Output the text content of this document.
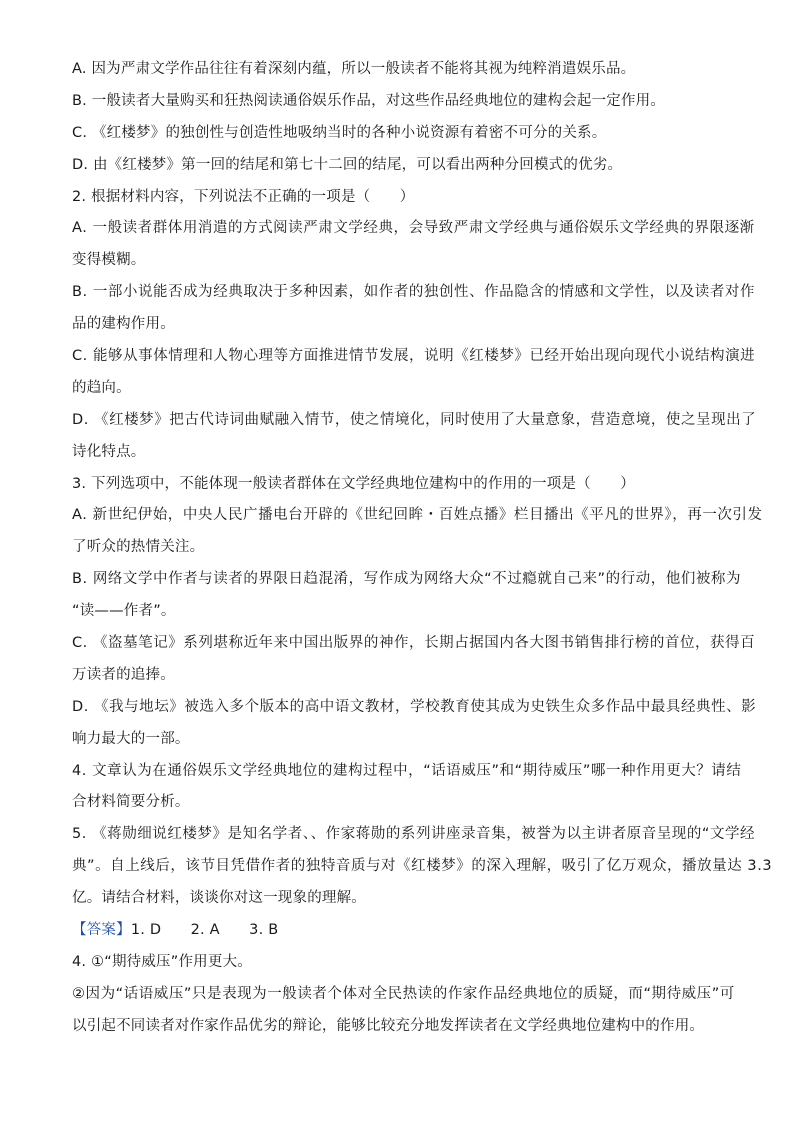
A. 因为严肃文学作品往往有着深刻内蕴，所以一般读者不能将其视为纯粹消遣娱乐品。
B. 一般读者大量购买和狂热阅读通俗娱乐作品，对这些作品经典地位的建构会起一定作用。
C. 《红楼梦》的独创性与创造性地吸纳当时的各种小说资源有着密不可分的关系。
D. 由《红楼梦》第一回的结尾和第七十二回的结尾，可以看出两种分回模式的优劣。
2. 根据材料内容，下列说法不正确的一项是（　　）
A. 一般读者群体用消遣的方式阅读严肃文学经典，会导致严肃文学经典与通俗娱乐文学经典的界限逐渐
变得模糊。
B. 一部小说能否成为经典取决于多种因素，如作者的独创性、作品隐含的情感和文学性，以及读者对作
品的建构作用。
C. 能够从事体情理和人物心理等方面推进情节发展，说明《红楼梦》已经开始出现向现代小说结构演进
的趋向。
D. 《红楼梦》把古代诗词曲赋融入情节，使之情境化，同时使用了大量意象，营造意境，使之呈现出了
诗化特点。
3. 下列选项中，不能体现一般读者群体在文学经典地位建构中的作用的一项是（　　）
A. 新世纪伊始，中央人民广播电台开辟的《世纪回眸・百姓点播》栏目播出《平凡的世界》，再一次引发
了听众的热情关注。
B. 网络文学中作者与读者的界限日趋混淆，写作成为网络大众“不过瘾就自己来”的行动，他们被称为
“读——作者”。
C. 《盗墓笔记》系列堪称近年来中国出版界的神作，长期占据国内各大图书销售排行榜的首位，获得百
万读者的追捧。
D. 《我与地坛》被选入多个版本的高中语文教材，学校教育使其成为史铁生众多作品中最具经典性、影
响力最大的一部。
4. 文章认为在通俗娱乐文学经典地位的建构过程中，“话语威压”和“期待威压”哪一种作用更大？请结
合材料简要分析。
5. 《蒋勋细说红楼梦》是知名学者、、作家蒋勋的系列讲座录音集，被誉为以主讲者原音呈现的“文学经
典”。自上线后，该节目凭借作者的独特音质与对《红楼梦》的深入理解，吸引了亿万观众，播放量达 3.3
亿。请结合材料，谈谈你对这一现象的理解。
【答案】1. D　　2. A　　3. B
4. ①“期待威压”作用更大。
②因为“话语威压”只是表现为一般读者个体对全民热读的作家作品经典地位的质疑，而“期待威压”可
以引起不同读者对作家作品优劣的辩论，能够比较充分地发挥读者在文学经典地位建构中的作用。
